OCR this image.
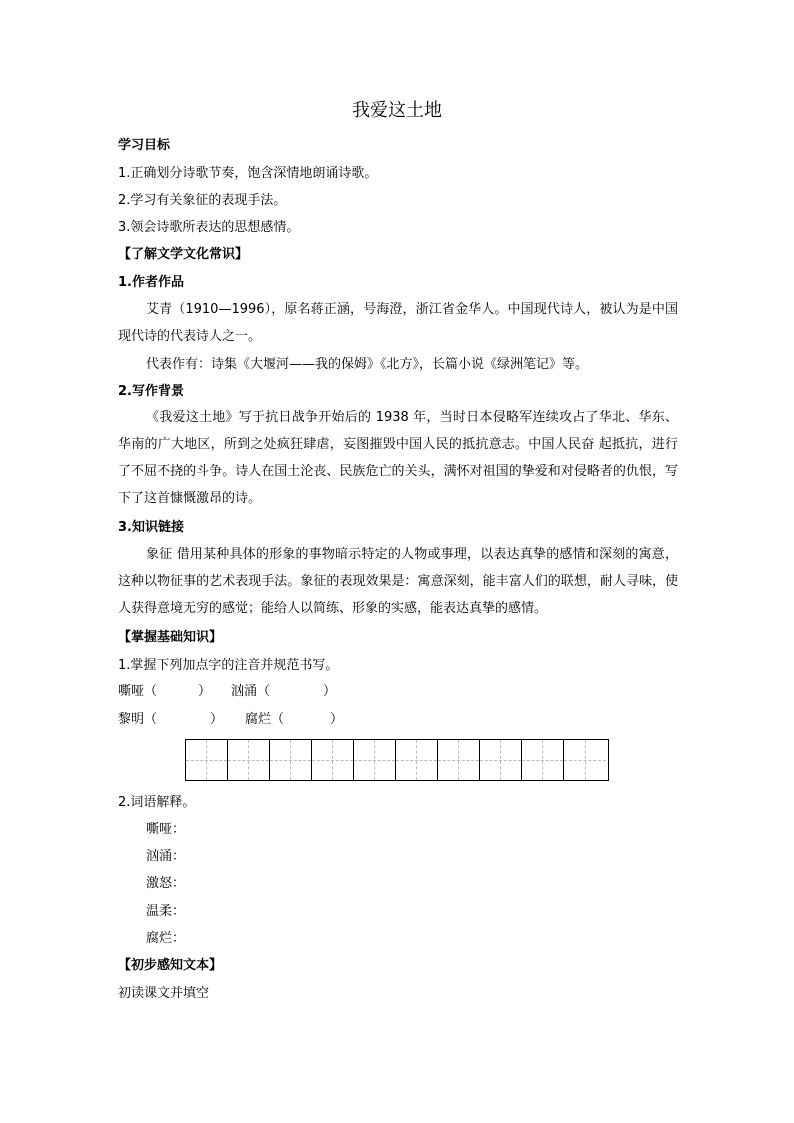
我爱这土地
学习目标
1.正确划分诗歌节奏，饱含深情地朗诵诗歌。
2.学习有关象征的表现手法。
3.领会诗歌所表达的思想感情。
【了解文学文化常识】
1.作者作品
艾青（1910—1996），原名蒋正涵，号海澄，浙江省金华人。中国现代诗人，被认为是中国现代诗的代表诗人之一。
代表作有：诗集《大堰河——我的保姆》《北方》，长篇小说《绿洲笔记》等。
2.写作背景
《我爱这土地》写于抗日战争开始后的 1938 年，当时日本侵略军连续攻占了华北、华东、华南的广大地区，所到之处疯狂肆虐，妄图摧毁中国人民的抵抗意志。中国人民奋 起抵抗，进行了不屈不挠的斗争。诗人在国土沦丧、民族危亡的关头，满怀对祖国的挚爱和对侵略者的仇恨，写下了这首慷慨激昂的诗。
3.知识链接
象征 借用某种具体的形象的事物暗示特定的人物或事理，以表达真挚的感情和深刻的寓意，这种以物征事的艺术表现手法。象征的表现效果是：寓意深刻，能丰富人们的联想，耐人寻味，使人获得意境无穷的感觉；能给人以简练、形象的实感，能表达真挚的感情。
【掌握基础知识】
1.掌握下列加点字的注音并规范书写。
嘶哑（	） 汹涌（	）
黎明（	） 腐烂（	）
2.词语解释。
嘶哑：
汹涌：
激怒：
温柔：
腐烂：
【初步感知文本】
初读课文并填空
